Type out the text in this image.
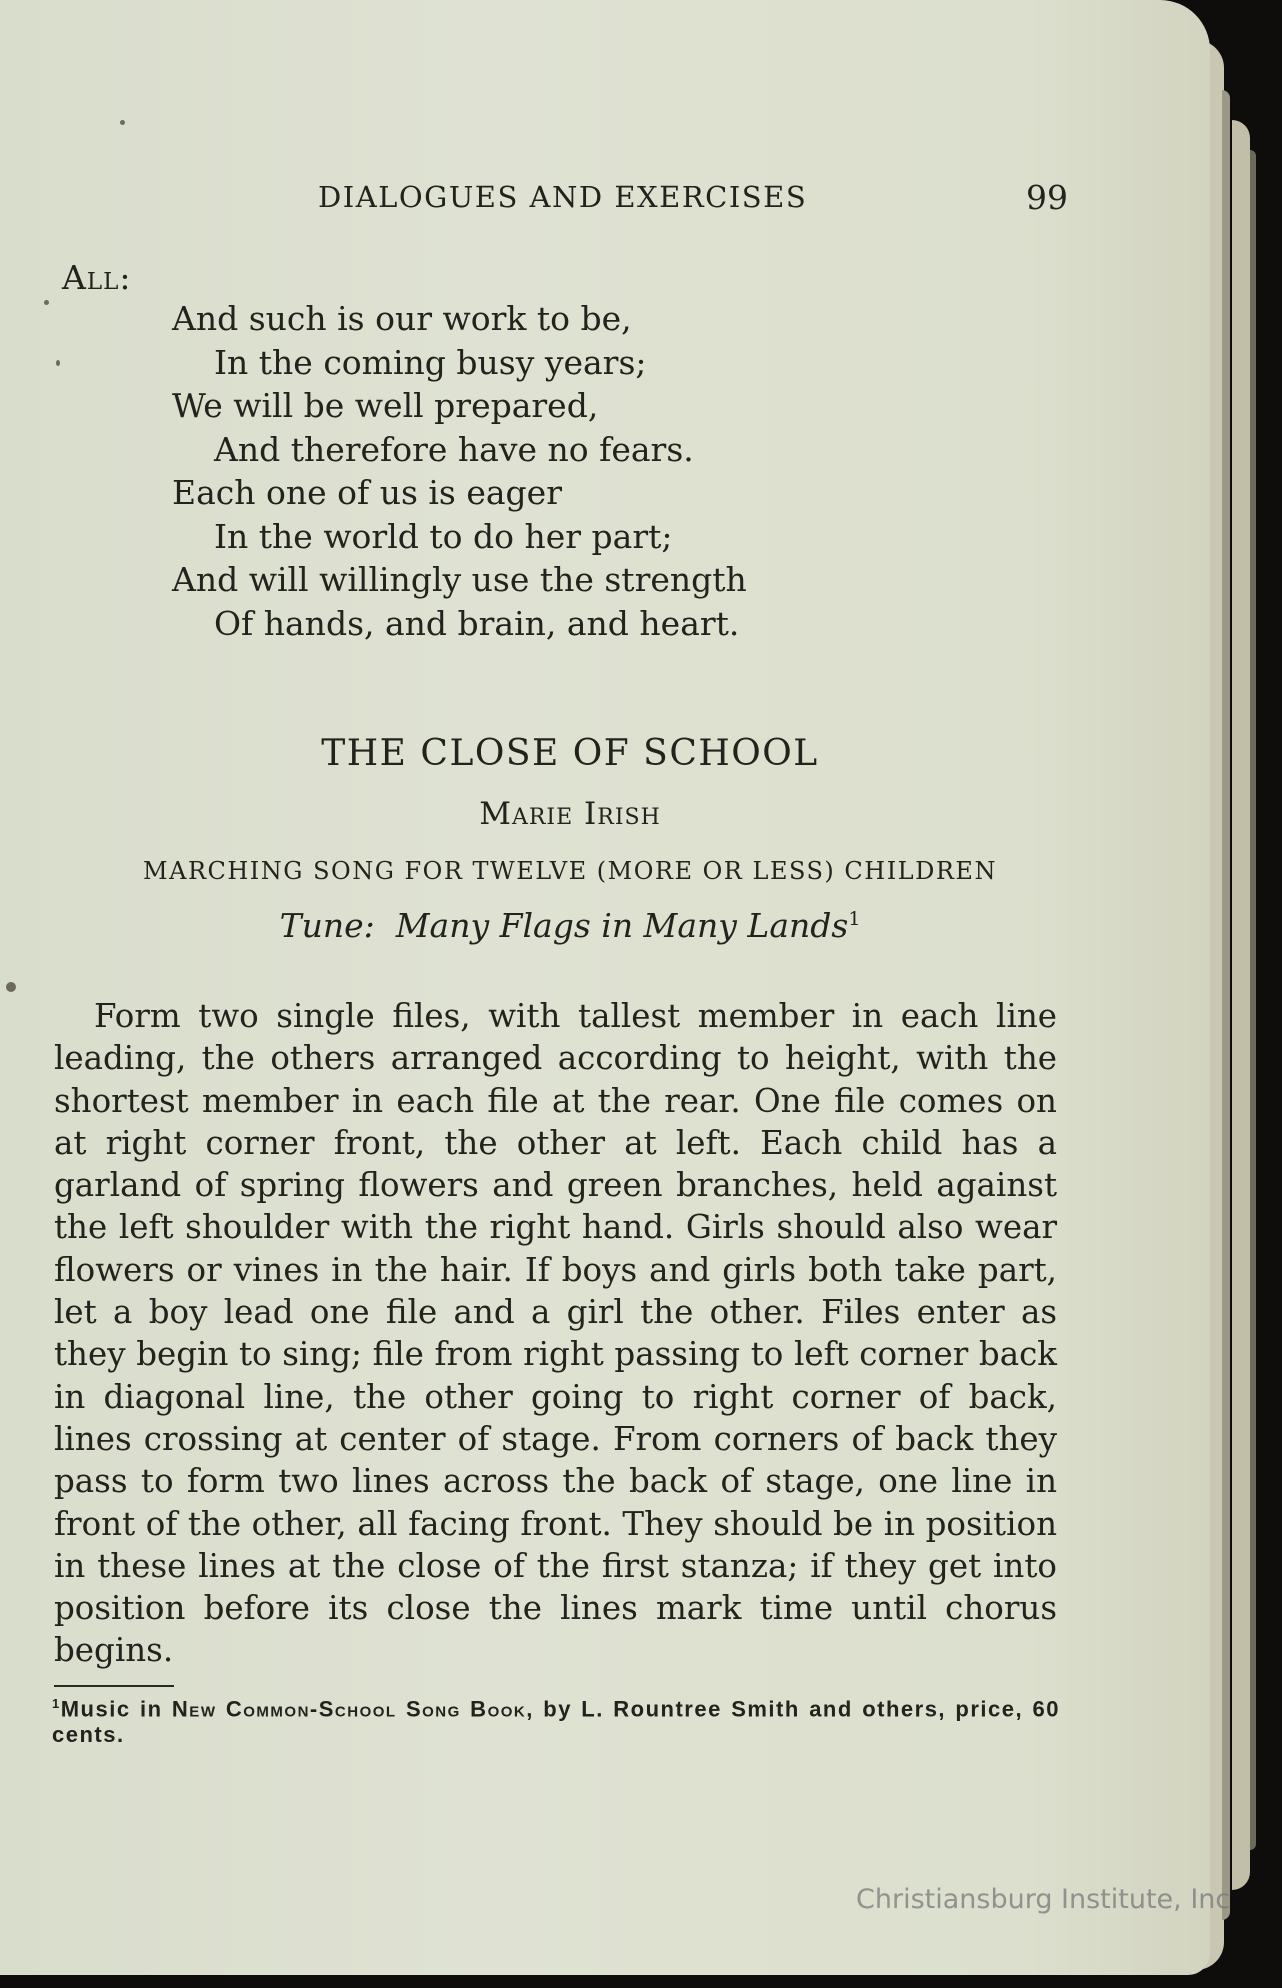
DIALOGUES AND EXERCISES	99
All:
And such is our work to be,
In the coming busy years;
We will be well prepared,
And therefore have no fears.
Each one of us is eager
In the world to do her part;
And will willingly use the strength
Of hands, and brain, and heart.
THE CLOSE OF SCHOOL
Marie Irish
MARCHING SONG FOR TWELVE (MORE OR LESS) CHILDREN
Tune: Many Flags in Many Lands$^1$

Form two single files, with tallest member in each line leading, the others arranged according to height, with the shortest member in each file at the rear. One file comes on at right corner front, the other at left. Each child has a garland of spring flowers and green branches, held against the left shoulder with the right hand. Girls should also wear flowers or vines in the hair. If boys and girls both take part, let a boy lead one file and a girl the other. Files enter as they begin to sing; file from right passing to left corner back in diagonal line, the other going to right corner of back, lines crossing at center of stage. From corners of back they pass to form two lines across the back of stage, one line in front of the other, all facing front. They should be in position in these lines at the close of the first stanza; if they get into position before its close the lines mark time until chorus begins.

$^1$Music in New Common-School Song Book, by L. Rountree Smith and others, price, 60 cents.

Christiansburg Institute, Inc
